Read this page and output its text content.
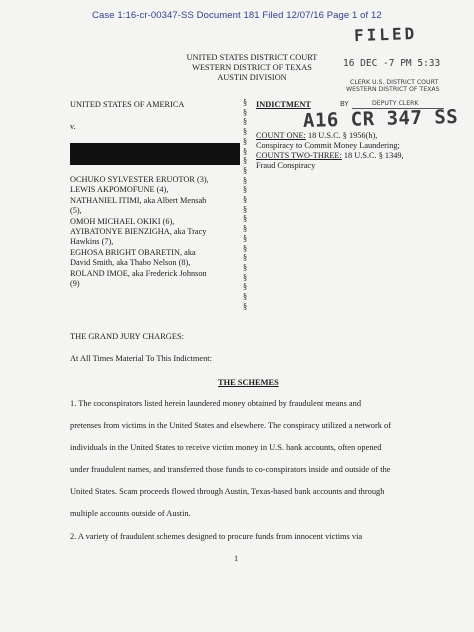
Case 1:16-cr-00347-SS Document 181 Filed 12/07/16 Page 1 of 12
UNITED STATES DISTRICT COURT
WESTERN DISTRICT OF TEXAS
AUSTIN DIVISION
FILED
16 DEC -7 PM 5:33
CLERK U.S. DISTRICT COURT
WESTERN DISTRICT OF TEXAS
BY	DEPUTY CLERK
A16 CR 347 SS
UNITED STATES OF AMERICA
v.
OCHUKO SYLVESTER ERUOTOR (3),
LEWIS AKPOMOFUNE (4),
NATHANIEL ITIMI, aka Albert Mensah
(5),
OMOH MICHAEL OKIKI (6),
AYIBATONYE BIENZIGHA, aka Tracy
Hawkins (7),
EGHOSA BRIGHT OBARETIN, aka
David Smith, aka Thabo Nelson (8),
ROLAND IMOE, aka Frederick Johnson
(9)
§
§
§
§
§
§
§
§
§
§
§
§
§
§
§
§
§
§
§
§
§
§
INDICTMENT
COUNT ONE: 18 U.S.C. § 1956(h),
Conspiracy to Commit Money Laundering;
COUNTS TWO-THREE: 18 U.S.C. § 1349,
Fraud Conspiracy
THE GRAND JURY CHARGES:
At All Times Material To This Indictment:
THE SCHEMES
1. The coconspirators listed herein laundered money obtained by fraudulent means and
pretenses from victims in the United States and elsewhere. The conspiracy utilized a network of
individuals in the United States to receive victim money in U.S. bank accounts, often opened
under fraudulent names, and transferred those funds to co-conspirators inside and outside of the
United States. Scam proceeds flowed through Austin, Texas-based bank accounts and through
multiple accounts outside of Austin.
2. A variety of fraudulent schemes designed to procure funds from innocent victims via
1
